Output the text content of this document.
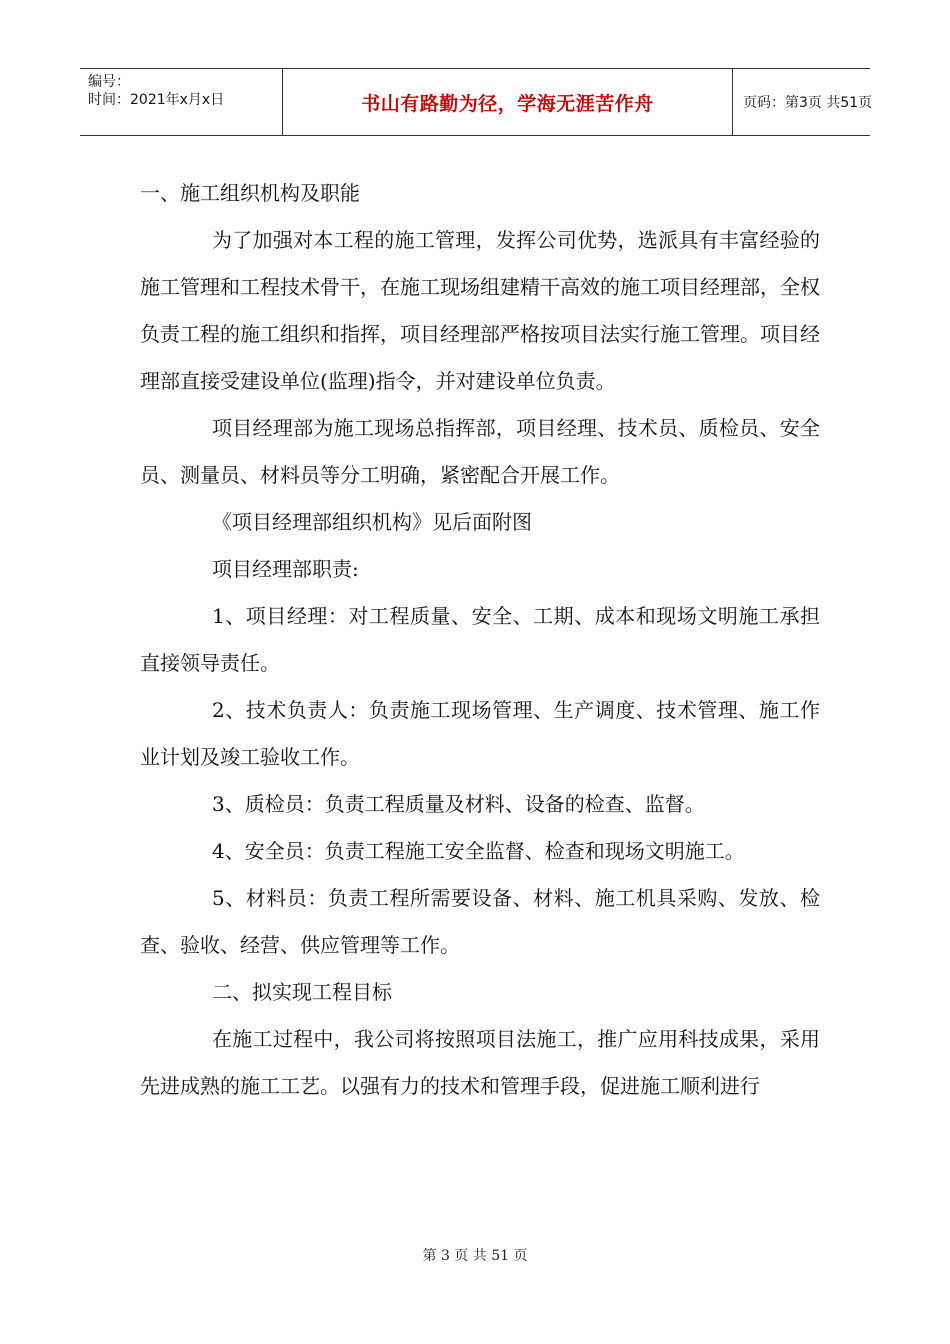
编号：
时间：2021年x月x日	书山有路勤为径，学海无涯苦作舟	页码：第3页 共51页

一、施工组织机构及职能

为了加强对本工程的施工管理，发挥公司优势，选派具有丰富经验的施工管理和工程技术骨干，在施工现场组建精干高效的施工项目经理部，全权负责工程的施工组织和指挥，项目经理部严格按项目法实行施工管理。项目经理部直接受建设单位(监理)指令，并对建设单位负责。

项目经理部为施工现场总指挥部，项目经理、技术员、质检员、安全员、测量员、材料员等分工明确，紧密配合开展工作。

《项目经理部组织机构》见后面附图

项目经理部职责:

1、项目经理：对工程质量、安全、工期、成本和现场文明施工承担直接领导责任。

2、技术负责人：负责施工现场管理、生产调度、技术管理、施工作业计划及竣工验收工作。

3、质检员：负责工程质量及材料、设备的检查、监督。

4、安全员：负责工程施工安全监督、检查和现场文明施工。

5、材料员：负责工程所需要设备、材料、施工机具采购、发放、检查、验收、经营、供应管理等工作。

二、拟实现工程目标

在施工过程中，我公司将按照项目法施工，推广应用科技成果，采用先进成熟的施工工艺。以强有力的技术和管理手段，促进施工顺利进行

第 3 页 共 51 页
